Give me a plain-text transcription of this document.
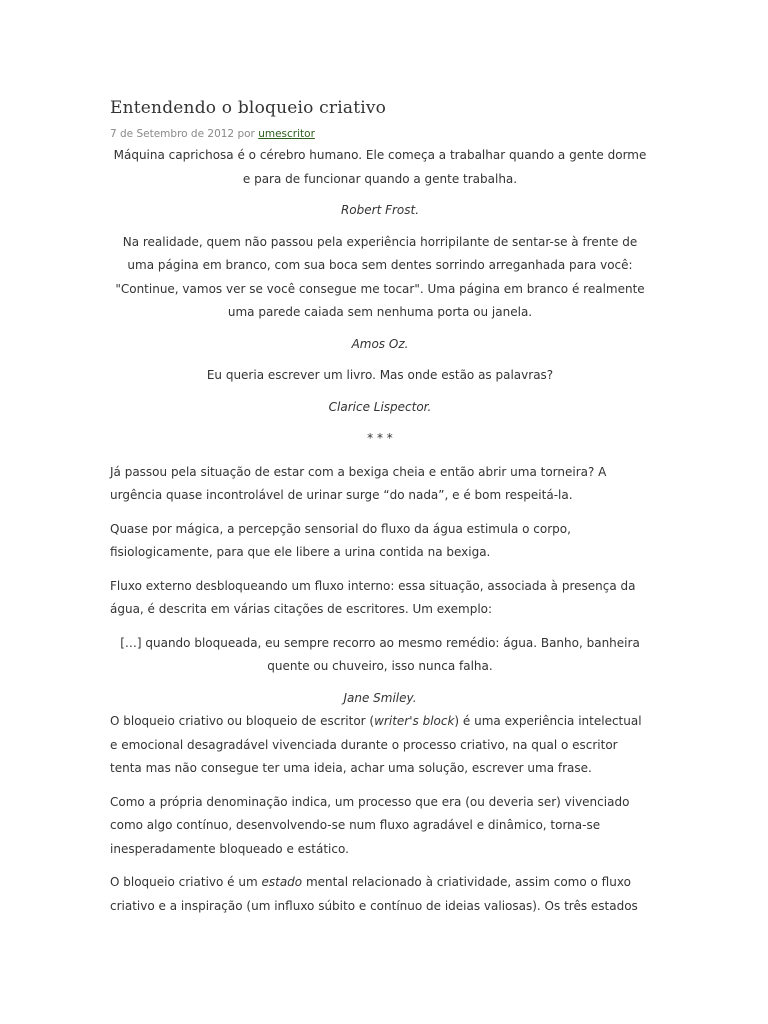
Entendendo o bloqueio criativo
7 de Setembro de 2012 por umescritor

Máquina caprichosa é o cérebro humano. Ele começa a trabalhar quando a gente dorme e para de funcionar quando a gente trabalha.

Robert Frost.

Na realidade, quem não passou pela experiência horripilante de sentar-se à frente de uma página em branco, com sua boca sem dentes sorrindo arreganhada para você: "Continue, vamos ver se você consegue me tocar". Uma página em branco é realmente uma parede caiada sem nenhuma porta ou janela.

Amos Oz.

Eu queria escrever um livro. Mas onde estão as palavras?

Clarice Lispector.

* * *

Já passou pela situação de estar com a bexiga cheia e então abrir uma torneira? A urgência quase incontrolável de urinar surge “do nada”, e é bom respeitá-la.

Quase por mágica, a percepção sensorial do fluxo da água estimula o corpo, fisiologicamente, para que ele libere a urina contida na bexiga.

Fluxo externo desbloqueando um fluxo interno: essa situação, associada à presença da água, é descrita em várias citações de escritores. Um exemplo:

[…] quando bloqueada, eu sempre recorro ao mesmo remédio: água. Banho, banheira quente ou chuveiro, isso nunca falha.

Jane Smiley.

O bloqueio criativo ou bloqueio de escritor (writer's block) é uma experiência intelectual e emocional desagradável vivenciada durante o processo criativo, na qual o escritor tenta mas não consegue ter uma ideia, achar uma solução, escrever uma frase.

Como a própria denominação indica, um processo que era (ou deveria ser) vivenciado como algo contínuo, desenvolvendo-se num fluxo agradável e dinâmico, torna-se inesperadamente bloqueado e estático.

O bloqueio criativo é um estado mental relacionado à criatividade, assim como o fluxo criativo e a inspiração (um influxo súbito e contínuo de ideias valiosas). Os três estados
